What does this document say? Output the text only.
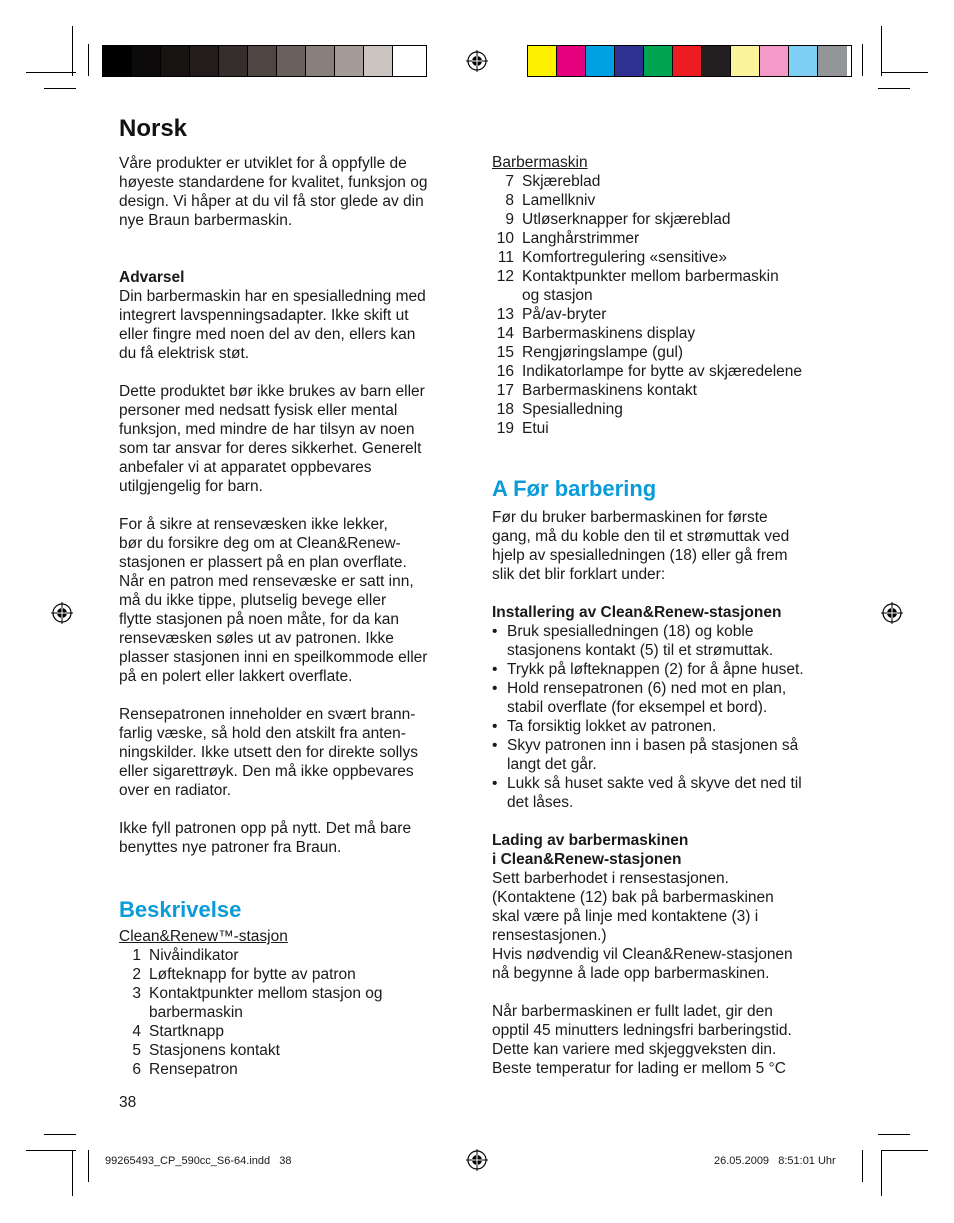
Norsk

Våre produkter er utviklet for å oppfylle de

høyeste standardene for kvalitet, funksjon og

design. Vi håper at du vil få stor glede av din

nye Braun barbermaskin.

Advarsel

Din barbermaskin har en spesialledning med

integrert lavspenningsadapter. Ikke skift ut

eller fingre med noen del av den, ellers kan

du få elektrisk støt.

Dette produktet bør ikke brukes av barn eller

personer med nedsatt fysisk eller mental

funksjon, med mindre de har tilsyn av noen

som tar ansvar for deres sikkerhet. Generelt

anbefaler vi at apparatet oppbevares

utilgjengelig for barn.

For å sikre at rensevæsken ikke lekker,

bør du forsikre deg om at Clean&Renew-

stasjonen er plassert på en plan overflate.

Når en patron med rensevæske er satt inn,

må du ikke tippe, plutselig bevege eller

flytte stasjonen på noen måte, for da kan

rensevæsken søles ut av patronen. Ikke

plasser stasjonen inni en speilkommode eller

på en polert eller lakkert overflate.

Rensepatronen inneholder en svært brann-

farlig væske, så hold den atskilt fra anten-

ningskilder. Ikke utsett den for direkte sollys

eller sigarettrøyk. Den må ikke oppbevares

over en radiator.

Ikke fyll patronen opp på nytt. Det må bare

benyttes nye patroner fra Braun.

Beskrivelse

Clean&Renew™-stasjon

1 Nivåindikator
2 Løfteknapp for bytte av patron
3 Kontaktpunkter mellom stasjon og
barbermaskin
4 Startknapp
5 Stasjonens kontakt
6 Rensepatron
38

Barbermaskin

7 Skjæreblad
8 Lamellkniv
9 Utløserknapper for skjæreblad
10 Langhårstrimmer
11 Komfortregulering «sensitive»
12 Kontaktpunkter mellom barbermaskin
og stasjon
13 På/av-bryter
14 Barbermaskinens display
15 Rengjøringslampe (gul)
16 Indikatorlampe for bytte av skjæredelene
17 Barbermaskinens kontakt
18 Spesialledning
19 Etui
A Før barbering

Før du bruker barbermaskinen for første

gang, må du koble den til et strømuttak ved

hjelp av spesialledningen (18) eller gå frem

slik det blir forklart under:

Installering av Clean&Renew-stasjonen

• Bruk spesialledningen (18) og koble
stasjonens kontakt (5) til et strømuttak.
• Trykk på løfteknappen (2) for å åpne huset.
• Hold rensepatronen (6) ned mot en plan,
stabil overflate (for eksempel et bord).
• Ta forsiktig lokket av patronen.
• Skyv patronen inn i basen på stasjonen så
langt det går.
• Lukk så huset sakte ved å skyve det ned til
det låses.

Lading av barbermaskinen

i Clean&Renew-stasjonen

Sett barberhodet i rensestasjonen.

(Kontaktene (12) bak på barbermaskinen

skal være på linje med kontaktene (3) i

rensestasjonen.)

Hvis nødvendig vil Clean&Renew-stasjonen

nå begynne å lade opp barbermaskinen.

Når barbermaskinen er fullt ladet, gir den

opptil 45 minutters ledningsfri barberingstid.

Dette kan variere med skjeggveksten din.

Beste temperatur for lading er mellom 5 °C

99265493_CP_590cc_S6-64.indd   38	26.05.2009   8:51:01 Uhr
